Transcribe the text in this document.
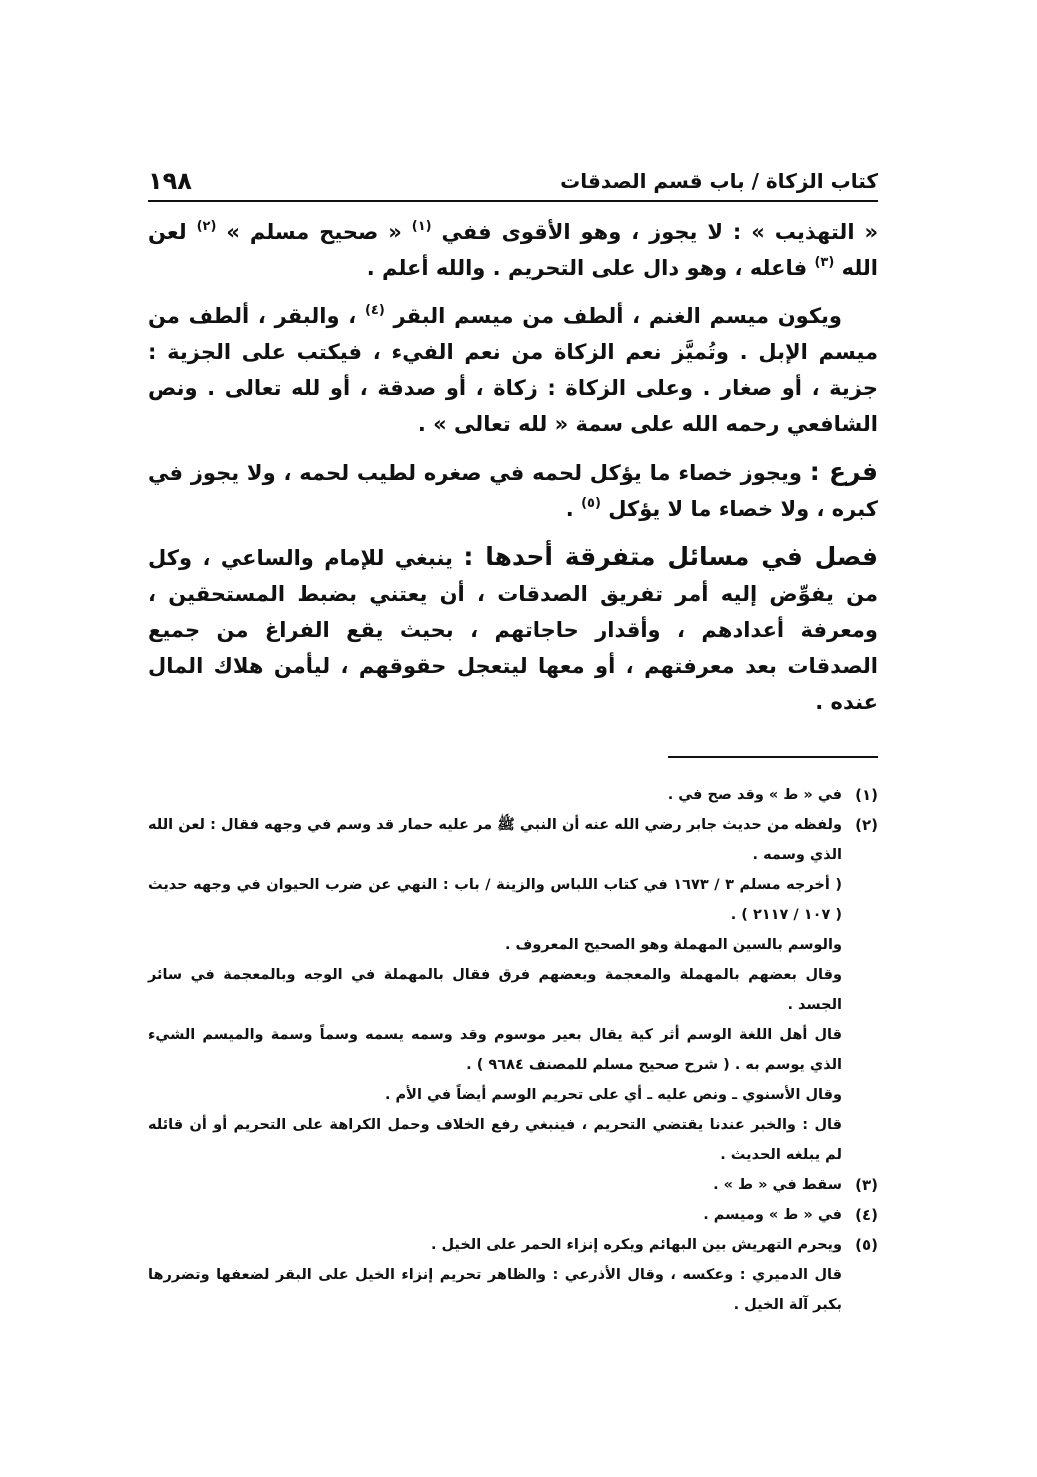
كتاب الزكاة / باب قسم الصدقات
١٩٨

« التهذيب » : لا يجوز ، وهو الأقوى ففي $^{(١)}$ « صحيح مسلم » $^{(٢)}$ لعن الله $^{(٣)}$ فاعله ، وهو دال على التحريم . والله أعلم .

ويكون ميسم الغنم ، ألطف من ميسم البقر $^{(٤)}$ ، والبقر ، ألطف من ميسم الإبل . وتُميَّز نعم الزكاة من نعم الفيء ، فيكتب على الجزية : جزية ، أو صغار . وعلى الزكاة : زكاة ، أو صدقة ، أو لله تعالى . ونص الشافعي رحمه الله على سمة « لله تعالى » .

فرع : ويجوز خصاء ما يؤكل لحمه في صغره لطيب لحمه ، ولا يجوز في كبره ، ولا خصاء ما لا يؤكل $^{(٥)}$ .

فصل في مسائل متفرقة أحدها : ينبغي للإمام والساعي ، وكل من يفوِّض إليه أمر تفريق الصدقات ، أن يعتني بضبط المستحقين ، ومعرفة أعدادهم ، وأقدار حاجاتهم ، بحيث يقع الفراغ من جميع الصدقات بعد معرفتهم ، أو معها ليتعجل حقوقهم ، ليأمن هلاك المال عنده .

(١)

في « ط » وقد صح في .

(٢)

ولفظه من حديث جابر رضي الله عنه أن النبي ﷺ مر عليه حمار قد وسم في وجهه فقال : لعن الله الذي وسمه .

( أخرجه مسلم ٣ / ١٦٧٣ في كتاب اللباس والزينة / باب : النهي عن ضرب الحيوان في وجهه حديث ( ١٠٧ / ٢١١٧ ) .

والوسم بالسين المهملة وهو الصحيح المعروف .

وقال بعضهم بالمهملة والمعجمة وبعضهم فرق فقال بالمهملة في الوجه وبالمعجمة في سائر الجسد .

قال أهل اللغة الوسم أثر كية يقال بعير موسوم وقد وسمه يسمه وسماً وسمة والميسم الشيء الذي يوسم به . ( شرح صحيح مسلم للمصنف ٩٦٨٤ ) .

وقال الأسنوي ـ ونص عليه ـ أي على تحريم الوسم أيضاً في الأم .

قال : والخبر عندنا يقتضي التحريم ، فينبغي رفع الخلاف وحمل الكراهة على التحريم أو أن قائله لم يبلغه الحديث .

(٣)

سقط في « ط » .

(٤)

في « ط » وميسم .

(٥)

ويحرم التهريش بين البهائم ويكره إنزاء الحمر على الخيل .

قال الدميري : وعكسه ، وقال الأذرعي : والظاهر تحريم إنزاء الخيل على البقر لضعفها وتضررها بكبر آلة الخيل .
